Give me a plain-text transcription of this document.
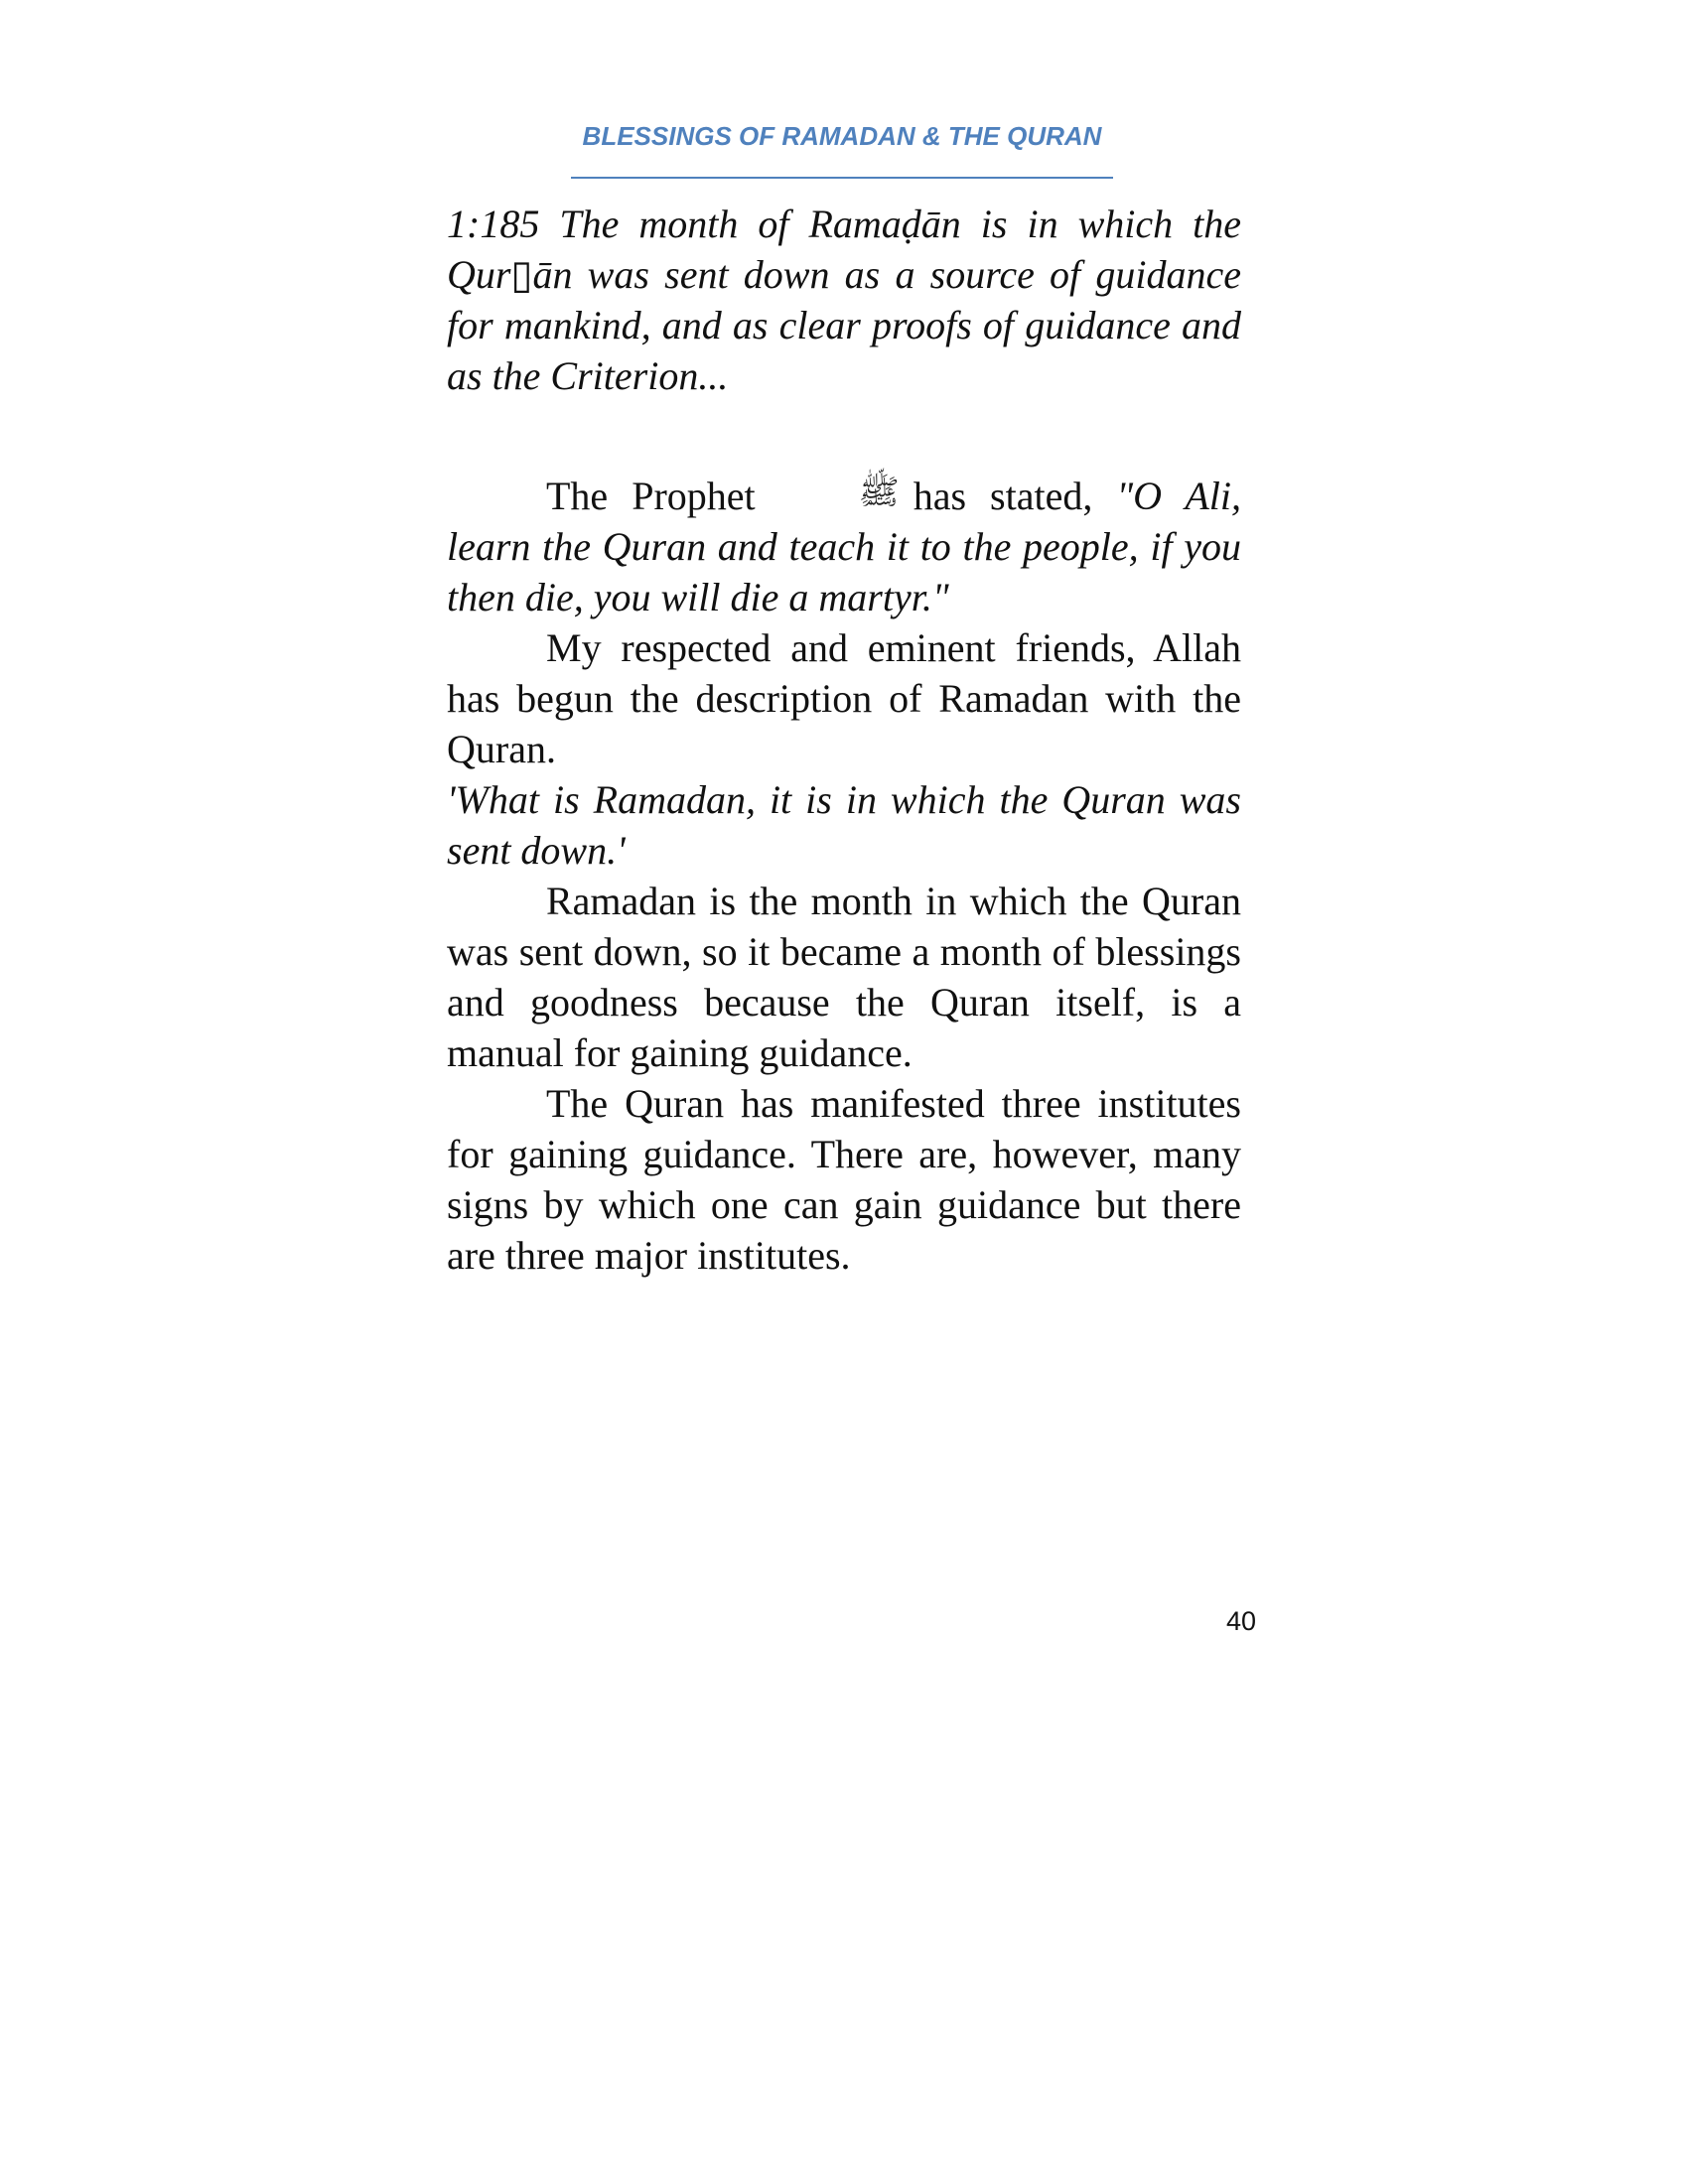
BLESSINGS OF RAMADAN & THE QURAN

1:185 The month of Ramaḍān is in which the Qur▯ān was sent down as a source of guidance for mankind, and as clear proofs of guidance and as the Criterion...

The Prophet	ﷺ has stated, "O Ali, learn the Quran and teach it to the people, if you then die, you will die a martyr."

My respected and eminent friends, Allah has begun the description of Ramadan with the Quran.

'What is Ramadan, it is in which the Quran was sent down.'

Ramadan is the month in which the Quran was sent down, so it became a month of blessings and goodness because the Quran itself, is a manual for gaining guidance.

The Quran has manifested three institutes for gaining guidance. There are, however, many signs by which one can gain guidance but there are three major institutes.

40
